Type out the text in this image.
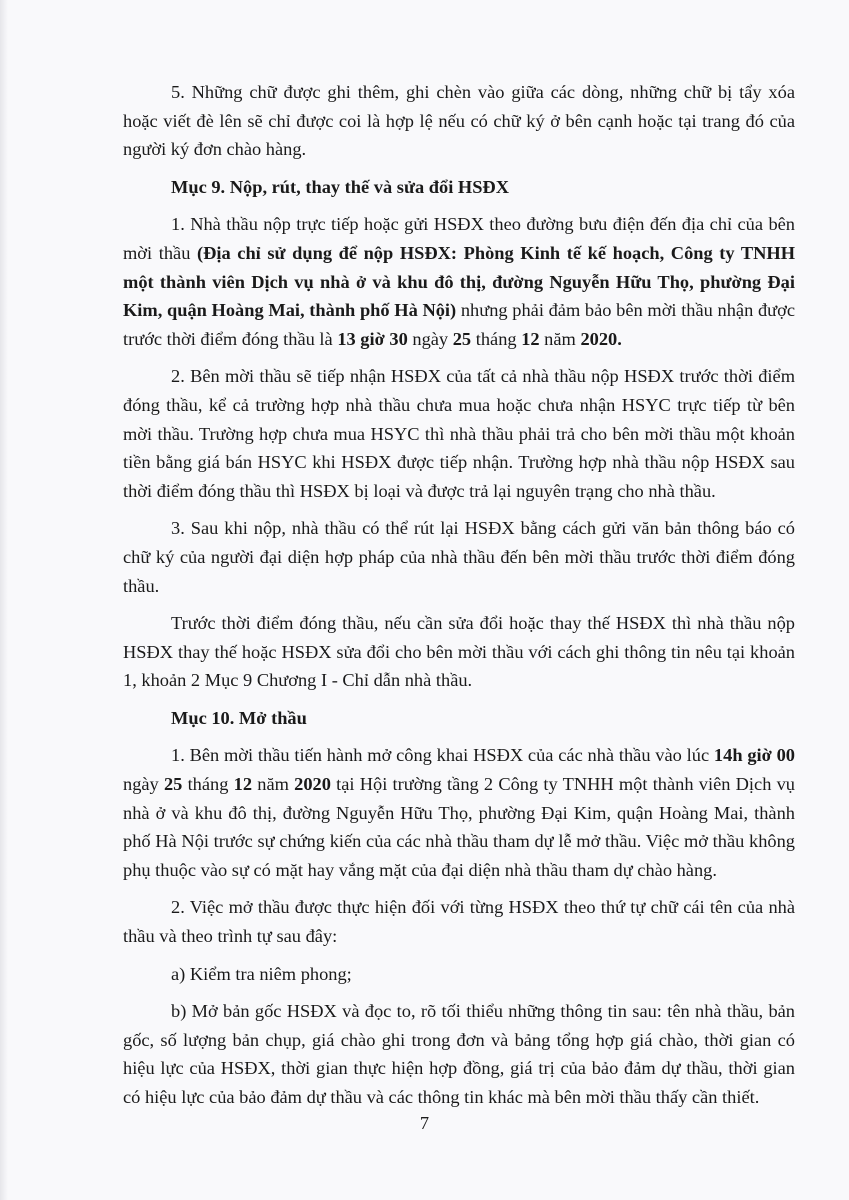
5. Những chữ được ghi thêm, ghi chèn vào giữa các dòng, những chữ bị tẩy xóa hoặc viết đè lên sẽ chỉ được coi là hợp lệ nếu có chữ ký ở bên cạnh hoặc tại trang đó của người ký đơn chào hàng.

Mục 9. Nộp, rút, thay thế và sửa đổi HSĐX

1. Nhà thầu nộp trực tiếp hoặc gửi HSĐX theo đường bưu điện đến địa chỉ của bên mời thầu (Địa chỉ sử dụng để nộp HSĐX: Phòng Kinh tế kế hoạch, Công ty TNHH một thành viên Dịch vụ nhà ở và khu đô thị, đường Nguyễn Hữu Thọ, phường Đại Kim, quận Hoàng Mai, thành phố Hà Nội) nhưng phải đảm bảo bên mời thầu nhận được trước thời điểm đóng thầu là 13 giờ 30 ngày 25 tháng 12 năm 2020.

2. Bên mời thầu sẽ tiếp nhận HSĐX của tất cả nhà thầu nộp HSĐX trước thời điểm đóng thầu, kể cả trường hợp nhà thầu chưa mua hoặc chưa nhận HSYC trực tiếp từ bên mời thầu. Trường hợp chưa mua HSYC thì nhà thầu phải trả cho bên mời thầu một khoản tiền bằng giá bán HSYC khi HSĐX được tiếp nhận. Trường hợp nhà thầu nộp HSĐX sau thời điểm đóng thầu thì HSĐX bị loại và được trả lại nguyên trạng cho nhà thầu.

3. Sau khi nộp, nhà thầu có thể rút lại HSĐX bằng cách gửi văn bản thông báo có chữ ký của người đại diện hợp pháp của nhà thầu đến bên mời thầu trước thời điểm đóng thầu.

Trước thời điểm đóng thầu, nếu cần sửa đổi hoặc thay thế HSĐX thì nhà thầu nộp HSĐX thay thế hoặc HSĐX sửa đổi cho bên mời thầu với cách ghi thông tin nêu tại khoản 1, khoản 2 Mục 9 Chương I - Chỉ dẫn nhà thầu.

Mục 10. Mở thầu

1. Bên mời thầu tiến hành mở công khai HSĐX của các nhà thầu vào lúc 14h giờ 00 ngày 25 tháng 12 năm 2020 tại Hội trường tầng 2 Công ty TNHH một thành viên Dịch vụ nhà ở và khu đô thị, đường Nguyễn Hữu Thọ, phường Đại Kim, quận Hoàng Mai, thành phố Hà Nội trước sự chứng kiến của các nhà thầu tham dự lễ mở thầu. Việc mở thầu không phụ thuộc vào sự có mặt hay vắng mặt của đại diện nhà thầu tham dự chào hàng.

2. Việc mở thầu được thực hiện đối với từng HSĐX theo thứ tự chữ cái tên của nhà thầu và theo trình tự sau đây:

a) Kiểm tra niêm phong;

b) Mở bản gốc HSĐX và đọc to, rõ tối thiểu những thông tin sau: tên nhà thầu, bản gốc, số lượng bản chụp, giá chào ghi trong đơn và bảng tổng hợp giá chào, thời gian có hiệu lực của HSĐX, thời gian thực hiện hợp đồng, giá trị của bảo đảm dự thầu, thời gian có hiệu lực của bảo đảm dự thầu và các thông tin khác mà bên mời thầu thấy cần thiết.

7
